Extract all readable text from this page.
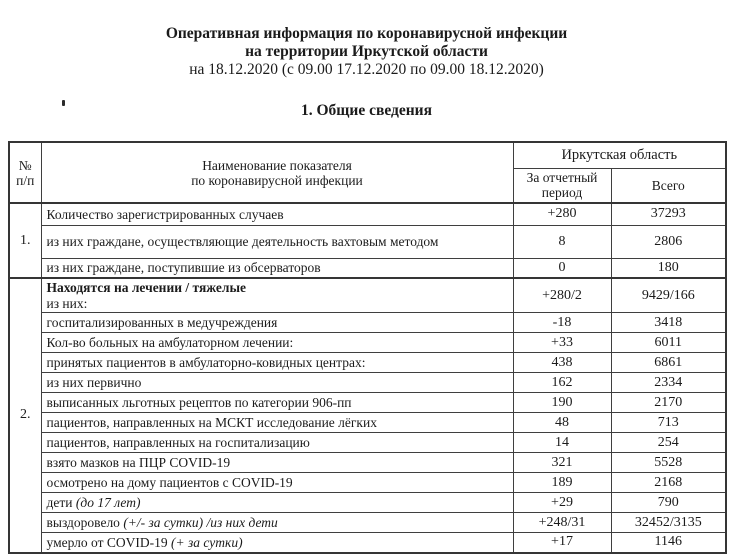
Оперативная информация по коронавирусной инфекции
на территории Иркутской области
на 18.12.2020 (с 09.00 17.12.2020 по 09.00 18.12.2020)
1. Общие сведения
№
п/п

Наименование показателя
по коронавирусной инфекции
	Иркутская область

		За отчетный
период	Всего
1.	Количество зарегистрированных случаев	+280	37293
	из них граждане, осуществляющие деятельность вахтовым методом	8	2806
	из них граждане, поступившие из обсерваторов	0	180
2.	Находятся на лечении / тяжелые
из них:	+280/2	9429/166
	госпитализированных в медучреждения	-18	3418
	Кол-во больных на амбулаторном лечении:	+33	6011
	принятых пациентов в амбулаторно-ковидных центрах:	438	6861
	из них первично	162	2334
	выписанных льготных рецептов по категории 906-пп	190	2170
	пациентов, направленных на МСКТ исследование лёгких	48	713
	пациентов, направленных на госпитализацию	14	254
	взято мазков на ПЦР COVID-19	321	5528
	осмотрено на дому пациентов с COVID-19	189	2168
	дети (до 17 лет)	+29	790
	выздоровело (+/- за сутки) /из них дети	+248/31	32452/3135
	умерло от COVID-19 (+ за сутки)	+17	1146
